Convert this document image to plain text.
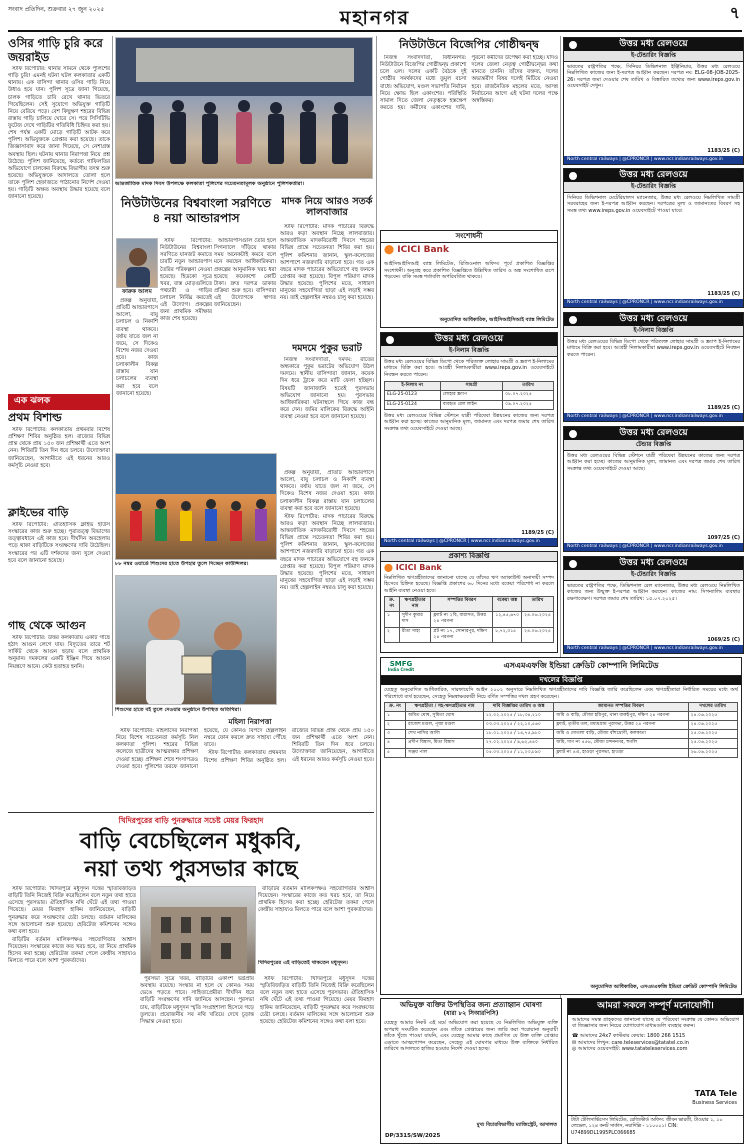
সংবাদ প্রতিদিন, শুক্রবার ২৭ জুন ২০২৫	৭
মহানগর
ওসির গাড়ি চুরি করে জয়রাইড

স্টাফ রিপোর্টার: থানার সামনে থেকে পুলিশের গাড়ি চুরি! এমনই ঘটনা ঘটল কলকাতার একটি থানায়। এক বাসিন্দা থানার ওসির গাড়ি নিয়ে উধাও হয়ে যান। পুলিশ সূত্রে জানা গিয়েছে, চালক গাড়িতে চাবি রেখে থানার ভিতরে গিয়েছিলেন। সেই সুযোগে অভিযুক্ত গাড়িটি নিয়ে বেরিয়ে পড়ে। বেশ কিছুক্ষণ শহরের বিভিন্ন রাস্তায় গাড়ি চালিয়ে ঘোরে সে। পরে সিসিটিভি ফুটেজ দেখে গাড়িটির গতিবিধি চিহ্নিত করা হয়। শেষ পর্যন্ত একটি মোড়ে গাড়িটি আটক করে পুলিশ। অভিযুক্তকে গ্রেপ্তার করা হয়েছে। তাকে জিজ্ঞাসাবাদ করে জানা গিয়েছে, সে নেশাগ্রস্ত অবস্থায় ছিল। ঘটনায় থানার নিরাপত্তা নিয়ে প্রশ্ন উঠেছে। পুলিশ জানিয়েছে, কর্তব্যে গাফিলতির অভিযোগে চালকের বিরুদ্ধে বিভাগীয় তদন্ত শুরু হয়েছে। অভিযুক্তকে আদালতে তোলা হলে তাকে পুলিশ হেফাজতে পাঠানোর নির্দেশ দেওয়া হয়। গাড়িটি অক্ষত অবস্থায় উদ্ধার হয়েছে বলে জানানো হয়েছে।

এক ঝলক
প্রথম বিশাল্ড

স্টাফ রিপোর্টার: কলকাতায় প্রথমবার বিশেষ প্রশিক্ষণ শিবির অনুষ্ঠিত হল। রাজ্যের বিভিন্ন প্রান্ত থেকে প্রায় ১৫০ জন প্রশিক্ষার্থী এতে অংশ নেন। শিবিরটি তিন দিন ধরে চলবে। উদ্যোক্তারা জানিয়েছেন, আগামীতে এই ধরনের আরও কর্মসূচি নেওয়া হবে।

ক্লাইভের বাড়ি

স্টাফ রিপোর্টার: ঐতিহাসিক ক্লাইভ হাউস সংস্কারের কাজ শুরু হচ্ছে। পুরাতত্ত্ব বিভাগের তত্ত্বাবধানে এই কাজ হবে। দীর্ঘদিন অবহেলায় পড়ে থাকা বাড়িটিকে সংরক্ষণের দাবি উঠেছিল। সংস্কারের পর এটি দর্শকদের জন্য খুলে দেওয়া হবে বলে জানানো হয়েছে।

গাছ থেকে আগুন

স্টাফ রিপোর্টার: উত্তর কলকাতায় একটি গাছে হঠাৎ আগুন লেগে যায়। বিদ্যুতের তারে শর্ট সার্কিট থেকে আগুন ছড়ায় বলে প্রাথমিক অনুমান। দমকলের একটি ইঞ্জিন গিয়ে আগুন নিয়ন্ত্রণে আনে। কেউ হতাহত হননি।

আন্তর্জাতিক মাদক দিবস উপলক্ষে কলকাতা পুলিশের সচেতনতামূলক অনুষ্ঠানে পুলিশকর্তারা।
নিউটাউনের বিশ্ববাংলা সরণিতে ৪ নয়া আন্ডারপাস
ফারুক আলম

স্টাফ রিপোর্টার: নিউটাউনের বিশ্ববাংলা সরণিতে যানজট কমাতে চারটি নতুন আন্ডারপাস তৈরির পরিকল্পনা নেওয়া হয়েছে। হিডকো সূত্রে খবর, ব্যস্ত মোড়গুলিতে পথচারী ও গাড়ির চলাচল নির্বিঘ্ন করতেই এই উদ্যোগ। প্রকল্পের জন্য প্রাথমিক সমীক্ষার কাজ শেষ হয়েছে।

প্রকল্প অনুযায়ী, প্রতিটি আন্ডারপাসে আলো, বায়ু চলাচল ও নিকাশি ব্যবস্থা থাকবে। বর্ষায় যাতে জল না জমে, সে দিকেও বিশেষ নজর দেওয়া হবে। কাজ চলাকালীন বিকল্প রাস্তায় যান চলাচলের ব্যবস্থা করা হবে বলে জানানো হয়েছে।

আন্ডারপাসগুলি তৈরি হলে সিগন্যালে দাঁড়িয়ে থাকার সময় অনেকটাই কমবে বলে মনে করছেন আধিকারিকরা। প্রকল্পের আনুমানিক খরচ ধরা হয়েছে কয়েকশো কোটি টাকা। দ্রুত দরপত্র ডাকার প্রক্রিয়া শুরু হবে। বাসিন্দারা এই উদ্যোগকে স্বাগত জানিয়েছেন।

মাদক নিয়ে আরও সতর্ক লালবাজার

স্টাফ রিপোর্টার: মাদক পাচারের বিরুদ্ধে আরও কড়া অবস্থান নিচ্ছে লালবাজার। আন্তর্জাতিক মাদকবিরোধী দিবসে শহরের বিভিন্ন প্রান্তে সচেতনতা শিবির করা হয়। পুলিশ কমিশনার জানান, স্কুল-কলেজের আশপাশে নজরদারি বাড়ানো হবে। গত এক বছরে মাদক পাচারের অভিযোগে বহু জনকে গ্রেপ্তার করা হয়েছে। বিপুল পরিমাণ মাদক উদ্ধার হয়েছে। পুলিশের মতে, সাধারণ মানুষের সহযোগিতা ছাড়া এই লড়াই সম্ভব নয়। তাই হেল্পলাইন নম্বরও চালু করা হয়েছে।

দমদমে পুকুর ভরাট

নিজস্ব সংবাদদাতা, দমদম: রাতের অন্ধকারে পুকুর ভরাটের অভিযোগ উঠল দমদমে। স্থানীয় বাসিন্দারা জানান, কয়েক দিন ধরে ট্রাকে করে মাটি ফেলা হচ্ছিল। বিষয়টি জানাজানি হতেই পুরসভায় অভিযোগ জানানো হয়। পুরসভার আধিকারিকরা ঘটনাস্থলে গিয়ে কাজ বন্ধ করে দেন। জমির মালিকের বিরুদ্ধে আইনি ব্যবস্থা নেওয়া হবে বলে জানানো হয়েছে।

৮৮ নম্বর ওয়ার্ডে শিশুদের হাতে উপহার তুলে দিচ্ছেন কাউন্সিলর।
শিশুদের হাতে বই তুলে দেওয়ার অনুষ্ঠানে উপস্থিত অতিথিরা।

প্রকল্প অনুযায়ী, প্রতিটি আন্ডারপাসে আলো, বায়ু চলাচল ও নিকাশি ব্যবস্থা থাকবে। বর্ষায় যাতে জল না জমে, সে দিকেও বিশেষ নজর দেওয়া হবে। কাজ চলাকালীন বিকল্প রাস্তায় যান চলাচলের ব্যবস্থা করা হবে বলে জানানো হয়েছে।

স্টাফ রিপোর্টার: মাদক পাচারের বিরুদ্ধে আরও কড়া অবস্থান নিচ্ছে লালবাজার। আন্তর্জাতিক মাদকবিরোধী দিবসে শহরের বিভিন্ন প্রান্তে সচেতনতা শিবির করা হয়। পুলিশ কমিশনার জানান, স্কুল-কলেজের আশপাশে নজরদারি বাড়ানো হবে। গত এক বছরে মাদক পাচারের অভিযোগে বহু জনকে গ্রেপ্তার করা হয়েছে। বিপুল পরিমাণ মাদক উদ্ধার হয়েছে। পুলিশের মতে, সাধারণ মানুষের সহযোগিতা ছাড়া এই লড়াই সম্ভব নয়। তাই হেল্পলাইন নম্বরও চালু করা হয়েছে।

মহিলা নিরাপত্তা

স্টাফ রিপোর্টার: মহিলাদের নিরাপত্তা নিয়ে বিশেষ সচেতনতা কর্মসূচি নিল কলকাতা পুলিশ। শহরের বিভিন্ন কলেজে ছাত্রীদের আত্মরক্ষার প্রশিক্ষণ দেওয়া হচ্ছে। প্রশিক্ষণ শেষে শংসাপত্রও দেওয়া হবে। পুলিশের তরফে জানানো হয়েছে, যে কোনও বিপদে হেল্পলাইন নম্বরে ফোন করলে দ্রুত সাহায্য পৌঁছে যাবে।

স্টাফ রিপোর্টার: কলকাতায় প্রথমবার বিশেষ প্রশিক্ষণ শিবির অনুষ্ঠিত হল। রাজ্যের বিভিন্ন প্রান্ত থেকে প্রায় ১৫০ জন প্রশিক্ষার্থী এতে অংশ নেন। শিবিরটি তিন দিন ধরে চলবে। উদ্যোক্তারা জানিয়েছেন, আগামীতে এই ধরনের আরও কর্মসূচি নেওয়া হবে।

খিদিরপুরের বাড়ি পুনরুদ্ধারে সচেষ্ট মেয়র ফিরহাদ
বাড়ি বেচেছিলেন মধুকবি,
নয়া তথ্য পুরসভার কাছে

স্টাফ রিপোর্টার: খিদিরপুরে মধুসূদন দত্তের স্মৃতিবিজড়িত বাড়িটি তিনি নিজেই বিক্রি করেছিলেন বলে নতুন তথ্য হাতে এসেছে পুরসভার। ঐতিহাসিক নথি ঘেঁটে এই তথ্য পাওয়া গিয়েছে। মেয়র ফিরহাদ হাকিম জানিয়েছেন, বাড়িটি পুনরুদ্ধার করে সংরক্ষণের চেষ্টা চলছে। বর্তমান মালিকের সঙ্গে আলোচনা শুরু হয়েছে। হেরিটেজ কমিশনের সঙ্গেও কথা বলা হবে।

বাড়িটির বর্তমান মালিকপক্ষও সহযোগিতার আশ্বাস দিয়েছেন। সংস্কারের কাজে কত খরচ হবে, তা নিয়ে প্রাথমিক হিসেব করা হচ্ছে। হেরিটেজ তকমা পেলে কেন্দ্রীয় সাহায্যও মিলতে পারে বলে আশা পুরকর্তাদের।	খিদিরপুরের এই বাড়িতেই থাকতেন মধুসূদন।

বাড়িটির বর্তমান মালিকপক্ষও সহযোগিতার আশ্বাস দিয়েছেন। সংস্কারের কাজে কত খরচ হবে, তা নিয়ে প্রাথমিক হিসেব করা হচ্ছে। হেরিটেজ তকমা পেলে কেন্দ্রীয় সাহায্যও মিলতে পারে বলে আশা পুরকর্তাদের।

পুরসভা সূত্রে খবর, বাড়িটির একাংশ ভগ্নপ্রায় অবস্থায় রয়েছে। সংস্কার না হলে যে কোনও সময় ভেঙে পড়তে পারে। সাহিত্যপ্রেমীরা দীর্ঘদিন ধরে বাড়িটি সংরক্ষণের দাবি জানিয়ে আসছেন। পুরসভা চায়, বাড়িটিকে মধুসূদন স্মৃতি সংগ্রহশালা হিসেবে গড়ে তুলতে। প্রয়োজনীয় সব নথি খতিয়ে দেখে চূড়ান্ত সিদ্ধান্ত নেওয়া হবে।

স্টাফ রিপোর্টার: খিদিরপুরে মধুসূদন দত্তের স্মৃতিবিজড়িত বাড়িটি তিনি নিজেই বিক্রি করেছিলেন বলে নতুন তথ্য হাতে এসেছে পুরসভার। ঐতিহাসিক নথি ঘেঁটে এই তথ্য পাওয়া গিয়েছে। মেয়র ফিরহাদ হাকিম জানিয়েছেন, বাড়িটি পুনরুদ্ধার করে সংরক্ষণের চেষ্টা চলছে। বর্তমান মালিকের সঙ্গে আলোচনা শুরু হয়েছে। হেরিটেজ কমিশনের সঙ্গেও কথা বলা হবে।

নিউটাউনে বিজেপির গোষ্ঠীদ্বন্দ্ব

নিজস্ব সংবাদদাতা, বিধাননগর: নিউটাউনে বিজেপির গোষ্ঠীদ্বন্দ্ব প্রকাশ্যে চলে এল। দলের একটি বৈঠকে দুই গোষ্ঠীর সমর্থকদের মধ্যে তুমুল বচসা বাধে। অভিযোগ, মণ্ডল সভাপতি নির্বাচন নিয়ে ক্ষোভ ছিল একাংশের। পরিস্থিতি সামাল দিতে জেলা নেতৃত্বকে হস্তক্ষেপ করতে হয়। কর্মীদের একাংশের দাবি, পুরনো কর্মীদের উপেক্ষা করা হচ্ছে। যদিও দলের জেলা নেতৃত্ব গোষ্ঠীদ্বন্দ্বের কথা মানতে চাননি। তাঁদের বক্তব্য, দলের অভ্যন্তরীণ বিষয় দলেই মিটিয়ে নেওয়া হবে। রাজনৈতিক মহলের মতে, আসন্ন নির্বাচনের আগে এই ঘটনা দলের পক্ষে অস্বস্তিকর।

সংশোধনী
⬤ ICICI Bank
আইসিআইসিআই ব্যাঙ্ক লিমিটেড, রিজিওনাল অফিস। পূর্বে প্রকাশিত বিজ্ঞপ্তির সংশোধনী। অনুগ্রহ করে প্রকাশিত বিজ্ঞপ্তিতে উল্লিখিত তারিখ ও অঙ্ক সংশোধিত রূপে পড়বেন। বাকি সমস্ত শর্তাবলি অপরিবর্তিত থাকবে।
অনুমোদিত আধিকারিক, আইসিআইসিআই ব্যাঙ্ক লিমিটেড
উত্তর মধ্য রেলওয়ে
ই-নিলাম বিজ্ঞপ্তি
উত্তর মধ্য রেলওয়ের বিভিন্ন ডিপো থেকে পরিত্যক্ত লোহার সামগ্রী ও স্ক্র্যাপ ই-নিলামের মাধ্যমে বিক্রি করা হবে। আগ্রহী নিলামকারীরা www.ireps.gov.in ওয়েবসাইটে নিবন্ধন করতে পারেন।
ই-নিলাম নং	সামগ্রী	তারিখ
ELG-25-0123	লোহার স্ক্র্যাপ	০৮.০৭.২০২৫
ELG-25-0124	ব্যবহৃত রেল লাইন	০৯.০৭.২০২৫
উত্তর মধ্য রেলওয়ের বিভিন্ন স্টেশনে যাত্রী পরিষেবা উন্নয়নের কাজের জন্য দরপত্র আহ্বান করা হচ্ছে। কাজের আনুমানিক মূল্য, জামানত এবং দরপত্র জমার শেষ তারিখ সংক্রান্ত তথ্য ওয়েবসাইটে দেওয়া আছে।
1189/25 (C)
North central railways | @CPRONCR | www.ncr.indianrailways.gov.in
প্রকাশ্য বিজ্ঞপ্তি
⬤ ICICI Bank
নিম্নলিখিত ঋণগ্রহীতাদের জানানো যাচ্ছে যে তাঁদের ঋণ অ্যাকাউন্ট অনাদায়ী সম্পদ হিসেবে চিহ্নিত হয়েছে। বিজ্ঞপ্তি প্রকাশের ৬০ দিনের মধ্যে বকেয়া পরিশোধ না করলে আইনি ব্যবস্থা নেওয়া হবে।
ক্র. নং	ঋণগ্রহীতার নাম	সম্পত্তির বিবরণ	বকেয়া অঙ্ক	তারিখ
১	সুদীপ কুমার দাস	ফ্ল্যাট নং ২বি, বারাসত, উত্তর ২৪ পরগনা	১২,৪৫,৬৭০	২৪.০৬.২০২৫
২	রীতা সাহা	প্লট নং ১৭, সোনারপুর, দক্ষিণ ২৪ পরগনা	৮,৭২,৩১৫	২৪.০৬.২০২৫
SMFG
India Credit	এসএমএফজি ইন্ডিয়া ক্রেডিট কোম্পানি লিমিটেড
দখলের বিজ্ঞপ্তি
যেহেতু অনুমোদিত আধিকারিক, সারফায়েসি আইন ২০০২ অনুসারে নিম্নলিখিত ঋণগ্রহীতাদের দাবি বিজ্ঞপ্তি জারি করেছিলেন এবং ঋণগ্রহীতারা নির্ধারিত সময়ের মধ্যে অর্থ পরিশোধে ব্যর্থ হয়েছেন, সেহেতু নিম্নস্বাক্ষরকারী নিচে বর্ণিত সম্পত্তির দখল গ্রহণ করেছেন।
ক্র. নং	ঋণগ্রহীতা / সহ-ঋণগ্রহীতার নাম	দাবি বিজ্ঞপ্তির তারিখ ও অঙ্ক	জামানত সম্পত্তির বিবরণ	দখলের তারিখ
১	অমিত ঘোষ, সুমিতা ঘোষ	১২.০২.২০২৫ / ১৮,৩৪,২১০	জমি ও বাড়ি, মৌজা হরিপুর, থানা বারুইপুর, দক্ষিণ ২৪ পরগনা	২৪.০৬.২০২৫
২	রাজেশ মণ্ডল, পূজা মণ্ডল	০৩.০৩.২০২৫ / ২২,১০,৫৬০	ফ্ল্যাট, তৃতীয় তল, মধ্যমগ্রাম পুরসভা, উত্তর ২৪ পরগনা	২৪.০৬.২০২৫
৩	শেখ নাসির আলি	১৮.০১.২০২৫ / ১৪,৭৫,৯৮০	জমি ও দোতলা বাড়ি, মৌজা বাঁশদ্রোণী, কলকাতা	২৫.০৬.২০২৫
৪	প্রদীপ বিশ্বাস, মিতা বিশ্বাস	২৭.০২.২০২৫ / ৯,৬২,৪৪০	জমি, দাগ নং ৪৫৬, মৌজা চন্দননগর, হুগলি	২৫.০৬.২০২৫
৫	সঞ্জয় পাল	০৫.০৩.২০২৫ / ১১,২৩,৮৯০	ফ্ল্যাট নং ৪এ, হাওড়া পুরসভা, হাওড়া	২৬.০৬.২০২৫
অনুমোদিত আধিকারিক, এসএমএফজি ইন্ডিয়া ক্রেডিট কোম্পানি লিমিটেড
উত্তর মধ্য রেলওয়ে
ই-টেন্ডারিং বিজ্ঞপ্তি
ভারতের রাষ্ট্রপতির পক্ষে, সিনিয়র ডিভিশনাল ইঞ্জিনিয়ার, উত্তর মধ্য রেলওয়ে নিম্নলিখিত কাজের জন্য ই-দরপত্র আহ্বান করছেন। দরপত্র নং: ELG-08-JOB-2025-26। দরপত্র জমা দেওয়ার শেষ তারিখ ও বিস্তারিত তথ্যের জন্য www.ireps.gov.in ওয়েবসাইট দেখুন।
1183/25 (C)
North central railways | @CPRONCR | www.ncr.indianrailways.gov.in
উত্তর মধ্য রেলওয়ে
ই-টেন্ডারিং বিজ্ঞপ্তি
সিনিয়র ডিভিশনাল মেটেরিয়ালস ম্যানেজার, উত্তর মধ্য রেলওয়ে নিম্নলিখিত সামগ্রী সরবরাহের জন্য ই-দরপত্র আহ্বান করছেন। দরপত্রের মূল্য ও জামানতের বিবরণ সহ সমস্ত তথ্য www.ireps.gov.in ওয়েবসাইটে পাওয়া যাবে।
1183/25 (C)
North central railways | @CPRONCR | www.ncr.indianrailways.gov.in
উত্তর মধ্য রেলওয়ে
ই-নিলাম বিজ্ঞপ্তি
উত্তর মধ্য রেলওয়ের বিভিন্ন ডিপো থেকে পরিত্যক্ত লোহার সামগ্রী ও স্ক্র্যাপ ই-নিলামের মাধ্যমে বিক্রি করা হবে। আগ্রহী নিলামকারীরা www.ireps.gov.in ওয়েবসাইটে নিবন্ধন করতে পারেন।
1189/25 (C)
North central railways | @CPRONCR | www.ncr.indianrailways.gov.in
উত্তর মধ্য রেলওয়ে
টেন্ডার বিজ্ঞপ্তি
উত্তর মধ্য রেলওয়ের বিভিন্ন স্টেশনে যাত্রী পরিষেবা উন্নয়নের কাজের জন্য দরপত্র আহ্বান করা হচ্ছে। কাজের আনুমানিক মূল্য, জামানত এবং দরপত্র জমার শেষ তারিখ সংক্রান্ত তথ্য ওয়েবসাইটে দেওয়া আছে।
1097/25 (C)
North central railways | @CPRONCR | www.ncr.indianrailways.gov.in
উত্তর মধ্য রেলওয়ে
ই-টেন্ডারিং বিজ্ঞপ্তি
ভারতের রাষ্ট্রপতির পক্ষে, ডিভিশনাল রেল ম্যানেজার, উত্তর মধ্য রেলওয়ে নিম্নলিখিত কাজের জন্য উন্মুক্ত ই-দরপত্র আহ্বান করছেন। কাজের নাম: সিগন্যালিং ব্যবস্থার রক্ষণাবেক্ষণ। দরপত্র জমার শেষ তারিখ: ১৫.০৭.২০২৫।
1069/25 (C)
North central railways | @CPRONCR | www.ncr.indianrailways.gov.in
অভিযুক্ত ব্যক্তির উপস্থিতির জন্য প্রত্যাহ্বান ঘোষণা
(ধারা ৮২ সিআরপিসি)
যেহেতু আমার নিকট এই মর্মে অভিযোগ করা হয়েছে যে নিম্নলিখিত অভিযুক্ত ব্যক্তি অপরাধ সংঘটিত করেছেন এবং তাঁকে গ্রেপ্তারের জন্য জারি করা পরোয়ানা অনুযায়ী তাঁকে খুঁজে পাওয়া যায়নি, এবং যেহেতু আমার কাছে প্রমাণিত যে উক্ত ব্যক্তি গ্রেপ্তার এড়াতে আত্মগোপন করেছেন, সেহেতু এই ঘোষণার মাধ্যমে উক্ত ব্যক্তিকে নির্ধারিত তারিখে আদালতে হাজির হওয়ার নির্দেশ দেওয়া হচ্ছে।
মুখ্য বিচারবিভাগীয় ম্যাজিস্ট্রেট, আদালত
DP/3315/SW/2025
আমরা সকলে সম্পূর্ণ মনোযোগী।
আমাদের সমস্ত গ্রাহকদের জানানো যাচ্ছে যে পরিষেবা সংক্রান্ত যে কোনও অভিযোগ বা জিজ্ঞাসার জন্য নিচের যোগাযোগ মাধ্যমগুলি ব্যবহার করুন।
☎ আমাদের 24x7 কাস্টমার কেয়ার: 1800 266 1515
✉ আমাদের লিখুন: care.teleservices@tatatel.co.in
◎ আমাদের ওয়েবসাইট: www.tatateleservices.com
TATA Tele
Business Services
টাটা টেলিসার্ভিসেস লিমিটেড, রেজিস্টার্ড অফিস: জীবন ভারতী, টাওয়ার ১, ১০ লেভেল, ১২৪ কনট সার্কাস, নয়াদিল্লি - ১১০০০১। CIN: U74899DL1995PLC066685
